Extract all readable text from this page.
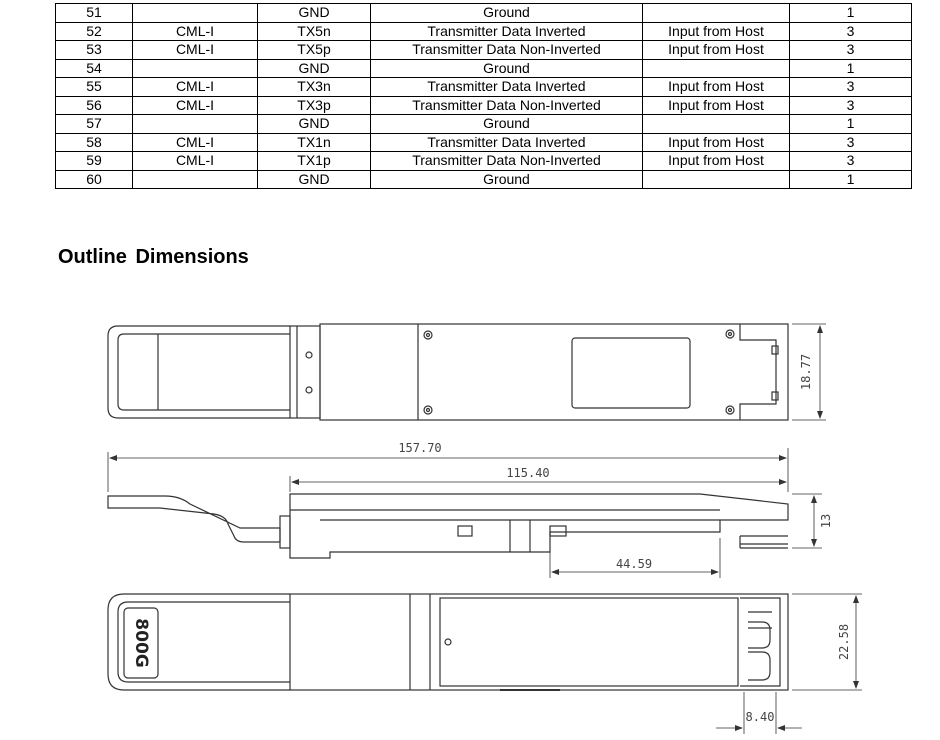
51		GND	Ground		1
52	CML-I	TX5n	Transmitter Data Inverted	Input from Host	3
53	CML-I	TX5p	Transmitter Data Non-Inverted	Input from Host	3
54		GND	Ground		1
55	CML-I	TX3n	Transmitter Data Inverted	Input from Host	3
56	CML-I	TX3p	Transmitter Data Non-Inverted	Input from Host	3
57		GND	Ground		1
58	CML-I	TX1n	Transmitter Data Inverted	Input from Host	3
59	CML-I	TX1p	Transmitter Data Non-Inverted	Input from Host	3
60		GND	Ground		1
Outline Dimensions
18.77
157.70
115.40
13
44.59
800G	22.58
8.40
